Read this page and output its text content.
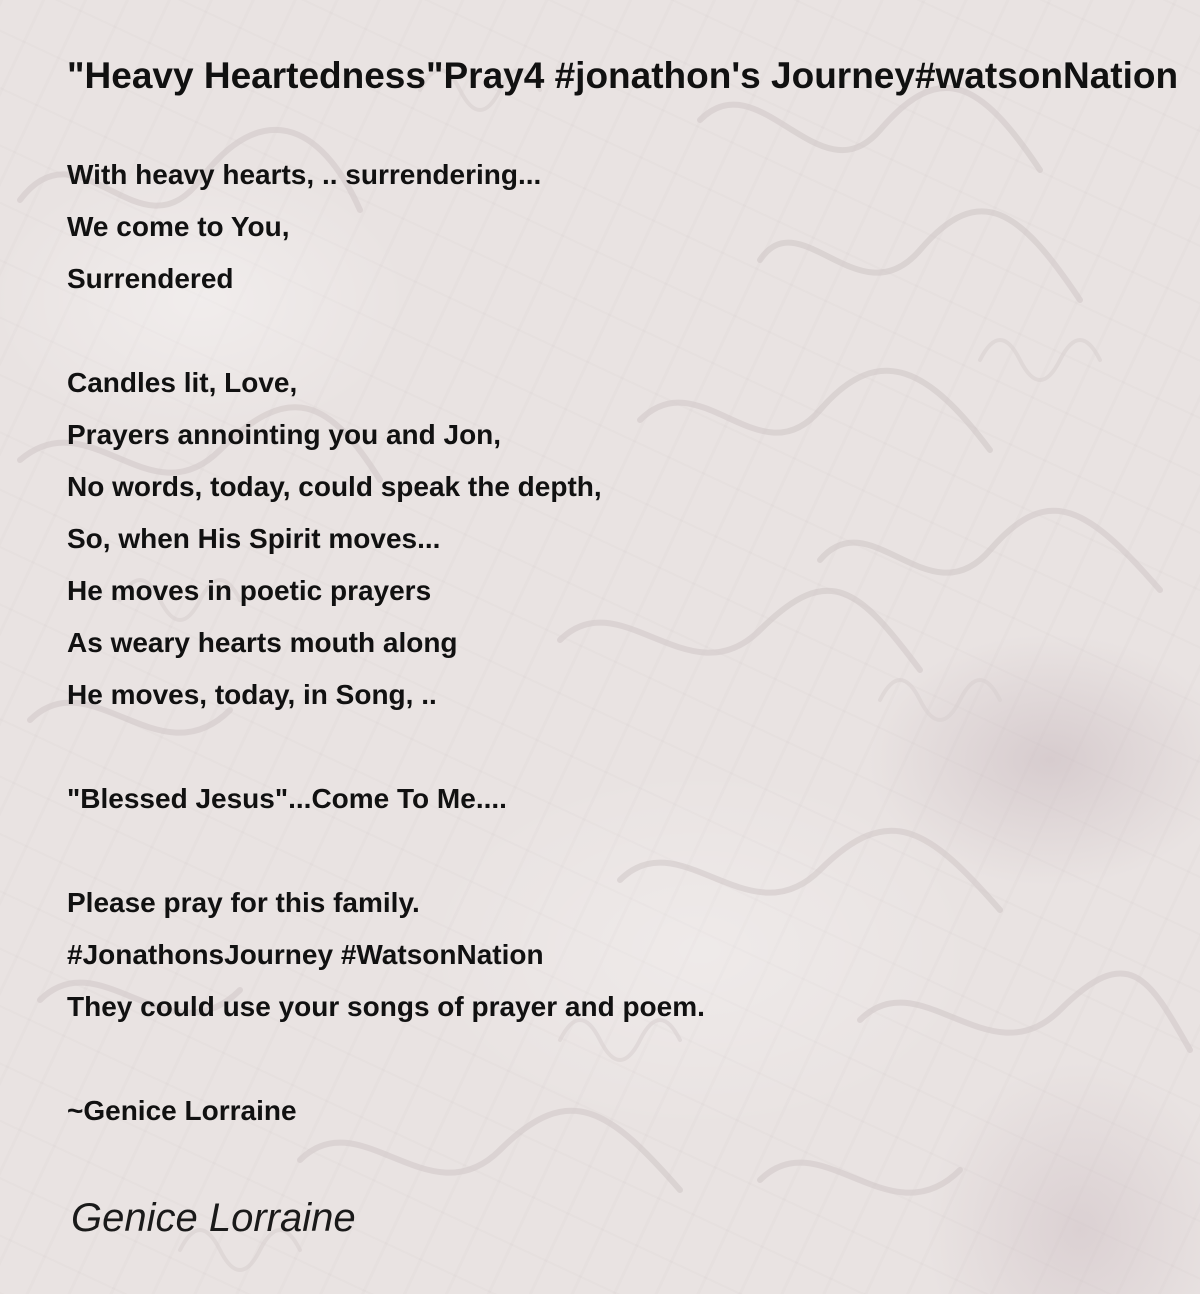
"Heavy Heartedness"Pray4 #jonathon's Journey#watsonNation
With heavy hearts, .. surrendering...
We come to You,
Surrendered
Candles lit, Love,
Prayers annointing you and Jon,
No words, today, could speak the depth,
So, when His Spirit moves...
He moves in poetic prayers
As weary hearts mouth along
He moves, today, in Song, ..
"Blessed Jesus"...Come To Me....
Please pray for this family.
#JonathonsJourney #WatsonNation
They could use your songs of prayer and poem.
~Genice Lorraine
Genice Lorraine
